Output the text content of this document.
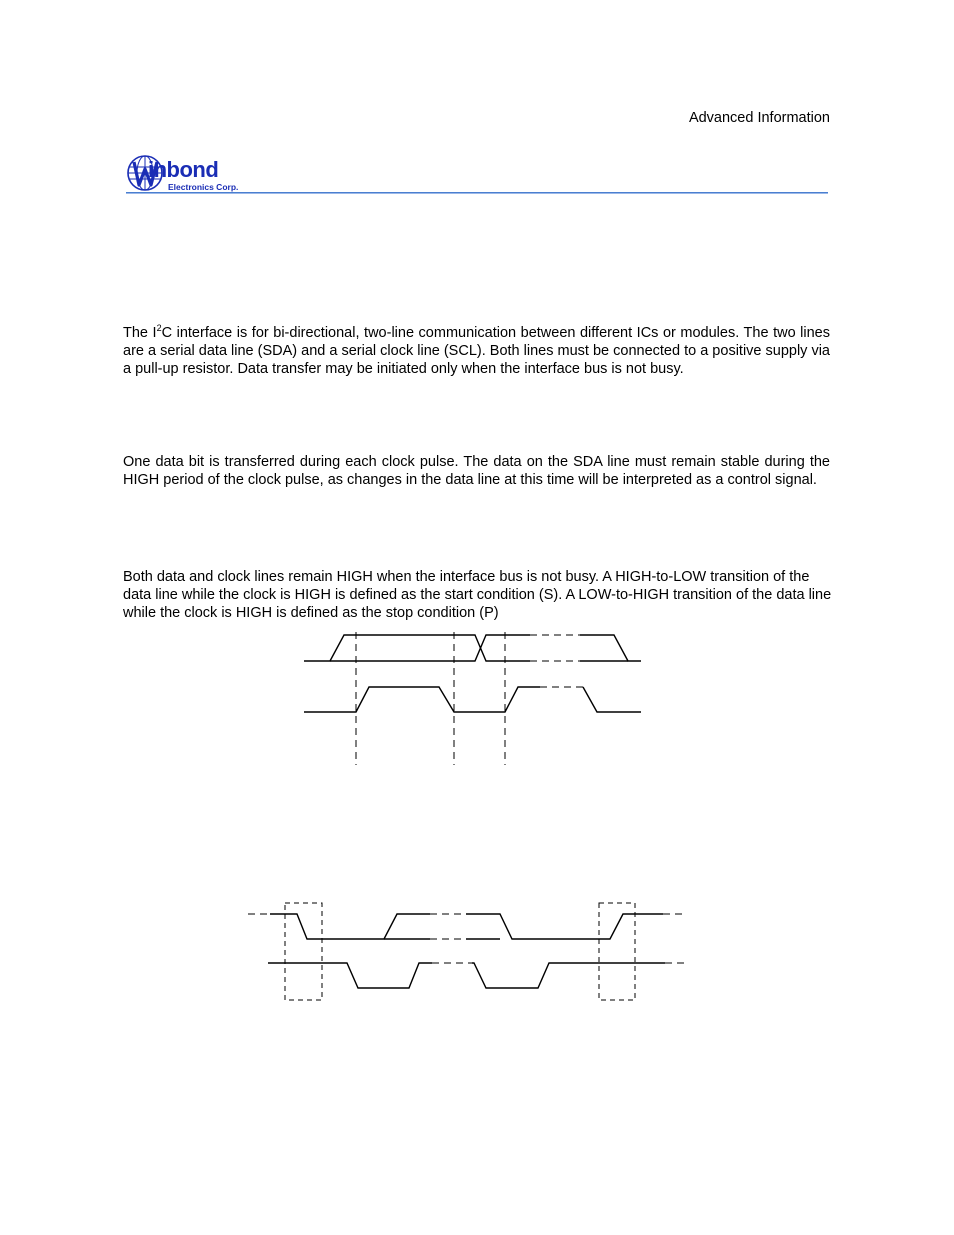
Advanced Information
inbond
Electronics Corp.

The $I^2C$ interface is for bi-directional, two-line communication between different ICs or modules. The two lines are a serial data line (SDA) and a serial clock line (SCL). Both lines must be connected to a positive supply via a pull-up resistor. Data transfer may be initiated only when the interface bus is not busy.

One data bit is transferred during each clock pulse. The data on the SDA line must remain stable during the HIGH period of the clock pulse, as changes in the data line at this time will be interpreted as a control signal.

Both data and clock lines remain HIGH when the interface bus is not busy. A HIGH-to-LOW transition of the data line while the clock is HIGH is defined as the start condition (S). A LOW-to-HIGH transition of the data line while the clock is HIGH is defined as the stop condition (P)
